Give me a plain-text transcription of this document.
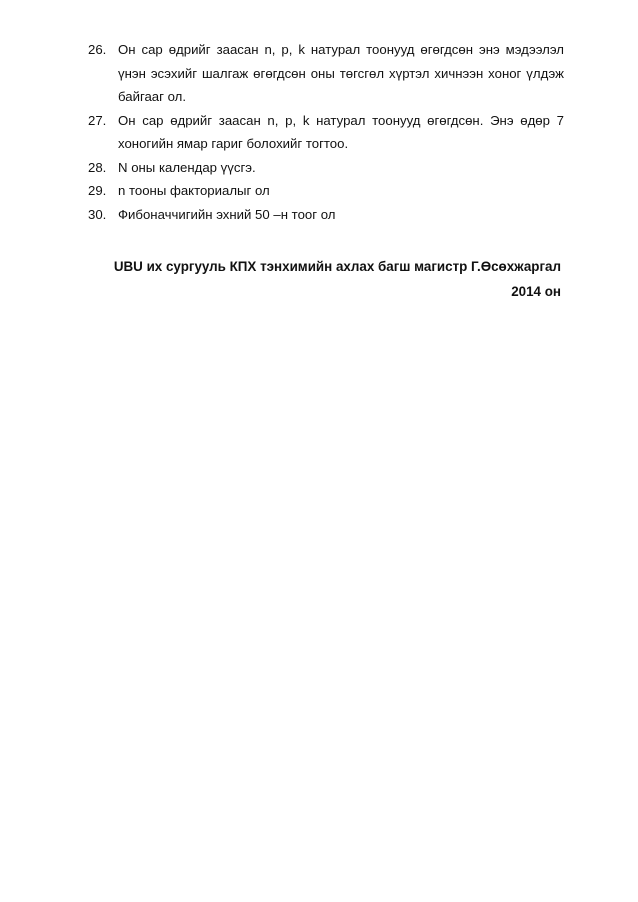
26. Он сар өдрийг заасан n, p, k натурал тоонууд өгөгдсөн энэ мэдээлэл үнэн эсэхийг шалгаж өгөгдсөн оны төгсгөл хүртэл хичнээн хоног үлдэж байгааг ол.
27. Он сар өдрийг заасан n, p, k натурал тоонууд өгөгдсөн. Энэ өдөр 7 хоногийн ямар гариг болохийг тогтоо.
28. N оны календар үүсгэ.
29. n тооны факториалыг ол
30. Фибоначчигийн эхний 50 –н тоог ол
UBU их сургууль КПХ тэнхимийн ахлах багш магистр Г.Өсөхжаргал
2014 он
